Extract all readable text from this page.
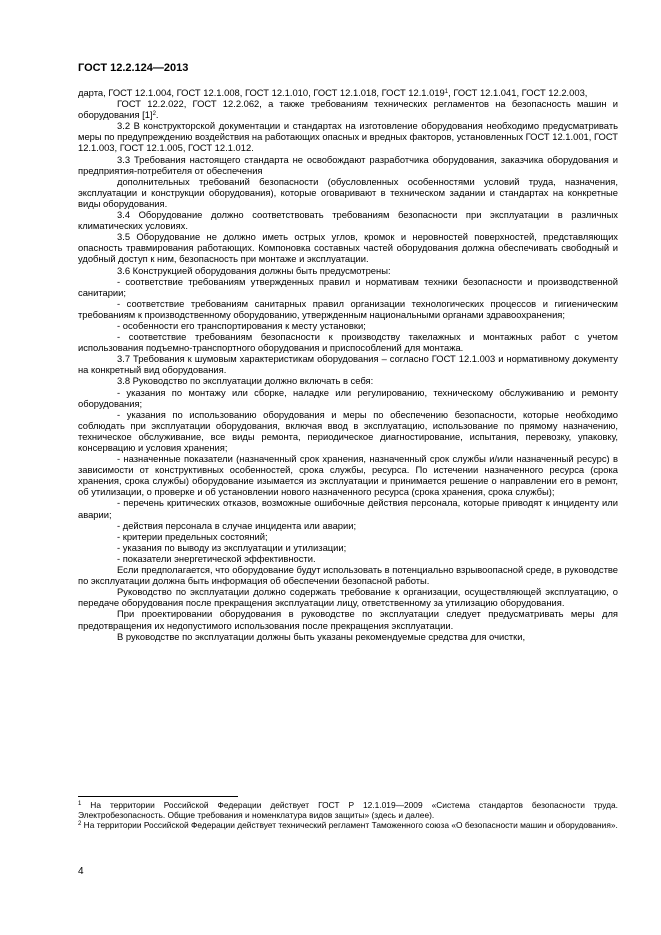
ГОСТ 12.2.124—2013

дарта, ГОСТ 12.1.004, ГОСТ 12.1.008, ГОСТ 12.1.010, ГОСТ 12.1.018, ГОСТ 12.1.019$^1$, ГОСТ 12.1.041, ГОСТ 12.2.003,

ГОСТ 12.2.022, ГОСТ 12.2.062, а также требованиям технических регламентов на безопасность машин и оборудования $[1]^2$.

3.2 В конструкторской документации и стандартах на изготовление оборудования необходимо предусматривать меры по предупреждению воздействия на работающих опасных и вредных факторов, установленных ГОСТ 12.1.001, ГОСТ 12.1.003, ГОСТ 12.1.005, ГОСТ 12.1.012.

3.3 Требования настоящего стандарта не освобождают разработчика оборудования, заказчика оборудования и предприятия-потребителя от обеспечения

дополнительных требований безопасности (обусловленных особенностями условий труда, назначения, эксплуатации и конструкции оборудования), которые оговаривают в техническом задании и стандартах на конкретные виды оборудования.

3.4 Оборудование должно соответствовать требованиям безопасности при эксплуатации в различных климатических условиях.

3.5 Оборудование не должно иметь острых углов, кромок и неровностей поверхностей, представляющих опасность травмирования работающих. Компоновка составных частей оборудования должна обеспечивать свободный и удобный доступ к ним, безопасность при монтаже и эксплуатации.

3.6 Конструкцией оборудования должны быть предусмотрены:

- соответствие требованиям утвержденных правил и нормативам техники безопасности и производственной санитарии;

- соответствие требованиям санитарных правил организации технологических процессов и гигиеническим требованиям к производственному оборудованию, утвержденным национальными органами здравоохранения;

- особенности его транспортирования к месту установки;

- соответствие требованиям безопасности к производству такелажных и монтажных работ с учетом использования подъемно-транспортного оборудования и приспособлений для монтажа.

3.7 Требования к шумовым характеристикам оборудования – согласно ГОСТ 12.1.003 и нормативному документу на конкретный вид оборудования.

3.8 Руководство по эксплуатации должно включать в себя:

- указания по монтажу или сборке, наладке или регулированию, техническому обслуживанию и ремонту оборудования;

- указания по использованию оборудования и меры по обеспечению безопасности, которые необходимо соблюдать при эксплуатации оборудования, включая ввод в эксплуатацию, использование по прямому назначению, техническое обслуживание, все виды ремонта, периодическое диагностирование, испытания, перевозку, упаковку, консервацию и условия хранения;

- назначенные показатели (назначенный срок хранения, назначенный срок службы и/или назначенный ресурс) в зависимости от конструктивных особенностей, срока службы, ресурса. По истечении назначенного ресурса (срока хранения, срока службы) оборудование изымается из эксплуатации и принимается решение о направлении его в ремонт, об утилизации, о проверке и об установлении нового назначенного ресурса (срока хранения, срока службы);

- перечень критических отказов, возможные ошибочные действия персонала, которые приводят к инциденту или аварии;

- действия персонала в случае инцидента или аварии;

- критерии предельных состояний;

- указания по выводу из эксплуатации и утилизации;

- показатели энергетической эффективности.

Если предполагается, что оборудование будут использовать в потенциально взрывоопасной среде, в руководстве по эксплуатации должна быть информация об обеспечении безопасной работы.

Руководство по эксплуатации должно содержать требование к организации, осуществляющей эксплуатацию, о передаче оборудования после прекращения эксплуатации лицу, ответственному за утилизацию оборудования.

При проектировании оборудования в руководстве по эксплуатации следует предусматривать меры для предотвращения их недопустимого использования после прекращения эксплуатации.

В руководстве по эксплуатации должны быть указаны рекомендуемые средства для очистки,

$^1$ На территории Российской Федерации действует ГОСТ Р 12.1.019—2009 «Система стандартов безопасности труда. Электробезопасность. Общие требования и номенклатура видов защиты» (здесь и далее).

$^2$ На территории Российской Федерации действует технический регламент Таможенного союза «О безопасности машин и оборудования».

4
